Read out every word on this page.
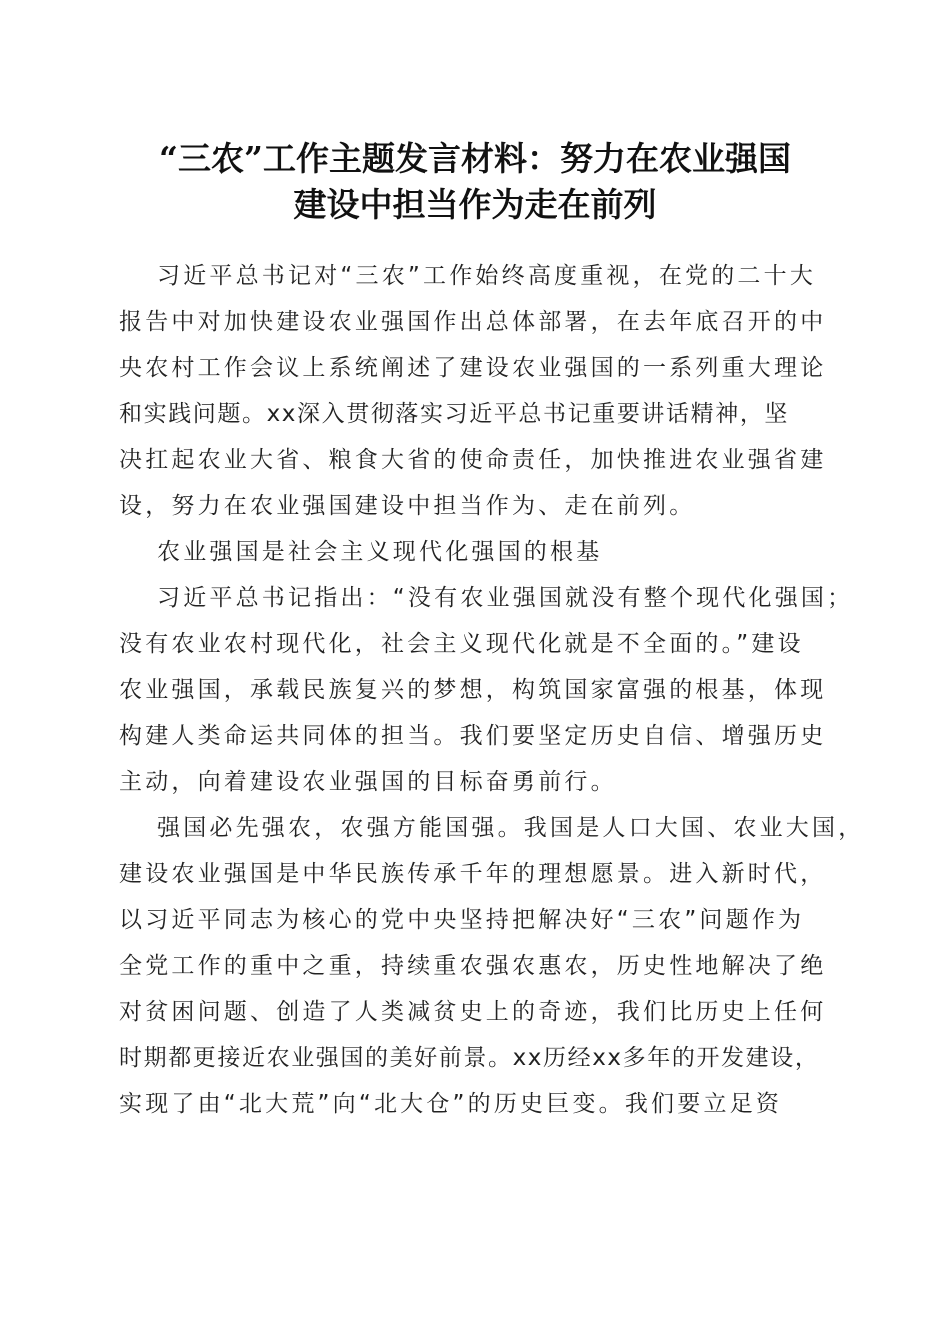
“三农”工作主题发言材料：努力在农业强国
建设中担当作为走在前列
习近平总书记对“三农”工作始终高度重视，在党的二十大
报告中对加快建设农业强国作出总体部署，在去年底召开的中
央农村工作会议上系统阐述了建设农业强国的一系列重大理论
和实践问题。xx深入贯彻落实习近平总书记重要讲话精神，坚
决扛起农业大省、粮食大省的使命责任，加快推进农业强省建
设，努力在农业强国建设中担当作为、走在前列。
农业强国是社会主义现代化强国的根基
习近平总书记指出：“没有农业强国就没有整个现代化强国；
没有农业农村现代化，社会主义现代化就是不全面的。”建设
农业强国，承载民族复兴的梦想，构筑国家富强的根基，体现
构建人类命运共同体的担当。我们要坚定历史自信、增强历史
主动，向着建设农业强国的目标奋勇前行。
强国必先强农，农强方能国强。我国是人口大国、农业大国，
建设农业强国是中华民族传承千年的理想愿景。进入新时代，
以习近平同志为核心的党中央坚持把解决好“三农”问题作为
全党工作的重中之重，持续重农强农惠农，历史性地解决了绝
对贫困问题、创造了人类减贫史上的奇迹，我们比历史上任何
时期都更接近农业强国的美好前景。xx历经xx多年的开发建设，
实现了由“北大荒”向“北大仓”的历史巨变。我们要立足资
